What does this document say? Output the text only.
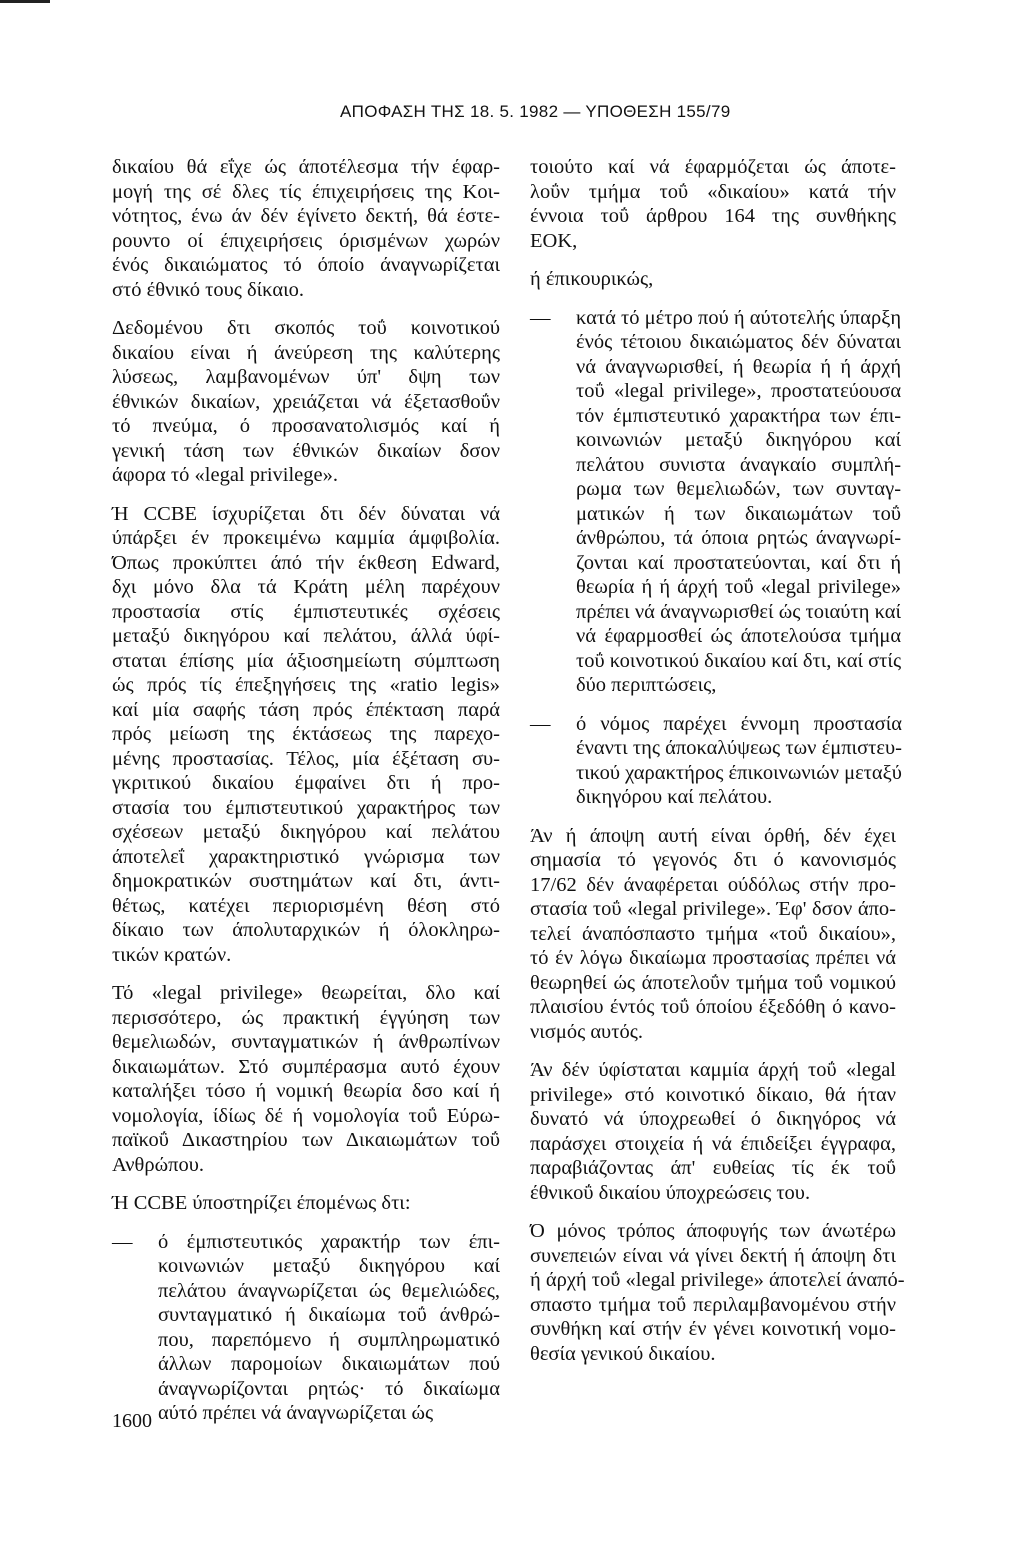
ΑΠΟΦΑΣΗ ΤΗΣ 18. 5. 1982 — ΥΠΟΘΕΣΗ 155/79
δικαίου θά εΐχε ώς άποτέλεσμα τήν έφαρ-
μογή της σέ δλες τίς έπιχειρήσεις της Κοι-
νότητος, ένω άν δέν έγίνετο δεκτή, θά έστε-
ρουντο οί έπιχειρήσεις όρισμένων χωρών
ένός δικαιώματος τό όποίο άναγνωρίζεται
στό έθνικό τους δίκαιο.
Δεδομένου δτι σκοπός τοΰ κοινοτικού
δικαίου είναι ή άνεύρεση της καλύτερης
λύσεως, λαμβανομένων ύπ' δψη των
έθνικών δικαίων, χρειάζεται νά έξετασθοΰν
τό πνεύμα, ό προσανατολισμός καί ή
γενική τάση των έθνικών δικαίων δσον
άφορα τό «legal privilege».
Ή CCBE ίσχυρίζεται δτι δέν δύναται νά
ύπάρξει έν προκειμένω καμμία άμφιβολία.
Όπως προκύπτει άπό τήν έκθεση Edward,
δχι μόνο δλα τά Κράτη μέλη παρέχουν
προστασία στίς έμπιστευτικές σχέσεις
μεταξύ δικηγόρου καί πελάτου, άλλά ύφί-
σταται έπίσης μία άξιοσημείωτη σύμπτωση
ώς πρός τίς έπεξηγήσεις της «ratio legis»
καί μία σαφής τάση πρός έπέκταση παρά
πρός μείωση της έκτάσεως της παρεχο-
μένης προστασίας. Τέλος, μία έξέταση συ-
γκριτικού δικαίου έμφαίνει δτι ή προ-
στασία του έμπιστευτικού χαρακτήρος των
σχέσεων μεταξύ δικηγόρου καί πελάτου
άποτελεΐ χαρακτηριστικό γνώρισμα των
δημοκρατικών συστημάτων καί δτι, άντι-
θέτως, κατέχει περιορισμένη θέση στό
δίκαιο των άπολυταρχικών ή όλοκληρω-
τικών κρατών.
Τό «legal privilege» θεωρείται, δλο καί
περισσότερο, ώς πρακτική έγγύηση των
θεμελιωδών, συνταγματικών ή άνθρωπίνων
δικαιωμάτων. Στό συμπέρασμα αυτό έχουν
καταλήξει τόσο ή νομική θεωρία δσο καί ή
νομολογία, ίδίως δέ ή νομολογία τοΰ Εύρω-
παϊκοΰ Δικαστηρίου των Δικαιωμάτων τοΰ
Ανθρώπου.
Ή CCBE ύποστηρίζει έπομένως δτι:
—	ό έμπιστευτικός χαρακτήρ των έπι-
κοινωνιών μεταξύ δικηγόρου καί
πελάτου άναγνωρίζεται ώς θεμελιώδες,
συνταγματικό ή δικαίωμα τοΰ άνθρώ-
που, παρεπόμενο ή συμπληρωματικό
άλλων παρομοίων δικαιωμάτων πού
άναγνωρίζονται ρητώς· τό δικαίωμα
αύτό πρέπει νά άναγνωρίζεται ώς
τοιούτο καί νά έφαρμόζεται ώς άποτε-
λοΰν τμήμα τοΰ «δικαίου» κατά τήν
έννοια τοΰ άρθρου 164 της συνθήκης
ΕΟΚ,
ή έπικουρικώς,
—	κατά τό μέτρο πού ή αύτοτελής ύπαρξη
ένός τέτοιου δικαιώματος δέν δύναται
νά άναγνωρισθεί, ή θεωρία ή ή άρχή
τοΰ «legal privilege», προστατεύουσα
τόν έμπιστευτικό χαρακτήρα των έπι-
κοινωνιών μεταξύ δικηγόρου καί
πελάτου συνιστα άναγκαίο συμπλή-
ρωμα των θεμελιωδών, των συνταγ-
ματικών ή των δικαιωμάτων τοΰ
άνθρώπου, τά όποια ρητώς άναγνωρί-
ζονται καί προστατεύονται, καί δτι ή
θεωρία ή ή άρχή τοΰ «legal privilege»
πρέπει νά άναγνωρισθεί ώς τοιαύτη καί
νά έφαρμοσθεί ώς άποτελούσα τμήμα
τοΰ κοινοτικού δικαίου καί δτι, καί στίς
δύο περιπτώσεις,
—	ό νόμος παρέχει έννομη προστασία
έναντι της άποκαλύψεως των έμπιστευ-
τικού χαρακτήρος έπικοινωνιών μεταξύ
δικηγόρου καί πελάτου.
Άν ή άποψη αυτή είναι όρθή, δέν έχει
σημασία τό γεγονός δτι ό κανονισμός
17/62 δέν άναφέρεται ούδόλως στήν προ-
στασία τοΰ «legal privilege». Έφ' δσον άπο-
τελεί άναπόσπαστο τμήμα «τοΰ δικαίου»,
τό έν λόγω δικαίωμα προστασίας πρέπει νά
θεωρηθεί ώς άποτελοΰν τμήμα τοΰ νομικού
πλαισίου έντός τοΰ όποίου έξεδόθη ό κανο-
νισμός αυτός.
Άν δέν ύφίσταται καμμία άρχή τοΰ «legal
privilege» στό κοινοτικό δίκαιο, θά ήταν
δυνατό νά ύποχρεωθεί ό δικηγόρος νά
παράσχει στοιχεία ή νά έπιδείξει έγγραφα,
παραβιάζοντας άπ' ευθείας τίς έκ τοΰ
έθνικοΰ δικαίου ύποχρεώσεις του.
Ό μόνος τρόπος άποφυγής των άνωτέρω
συνεπειών είναι νά γίνει δεκτή ή άποψη δτι
ή άρχή τοΰ «legal privilege» άποτελεί άναπό-
σπαστο τμήμα τοΰ περιλαμβανομένου στήν
συνθήκη καί στήν έν γένει κοινοτική νομο-
θεσία γενικού δικαίου.
1600
